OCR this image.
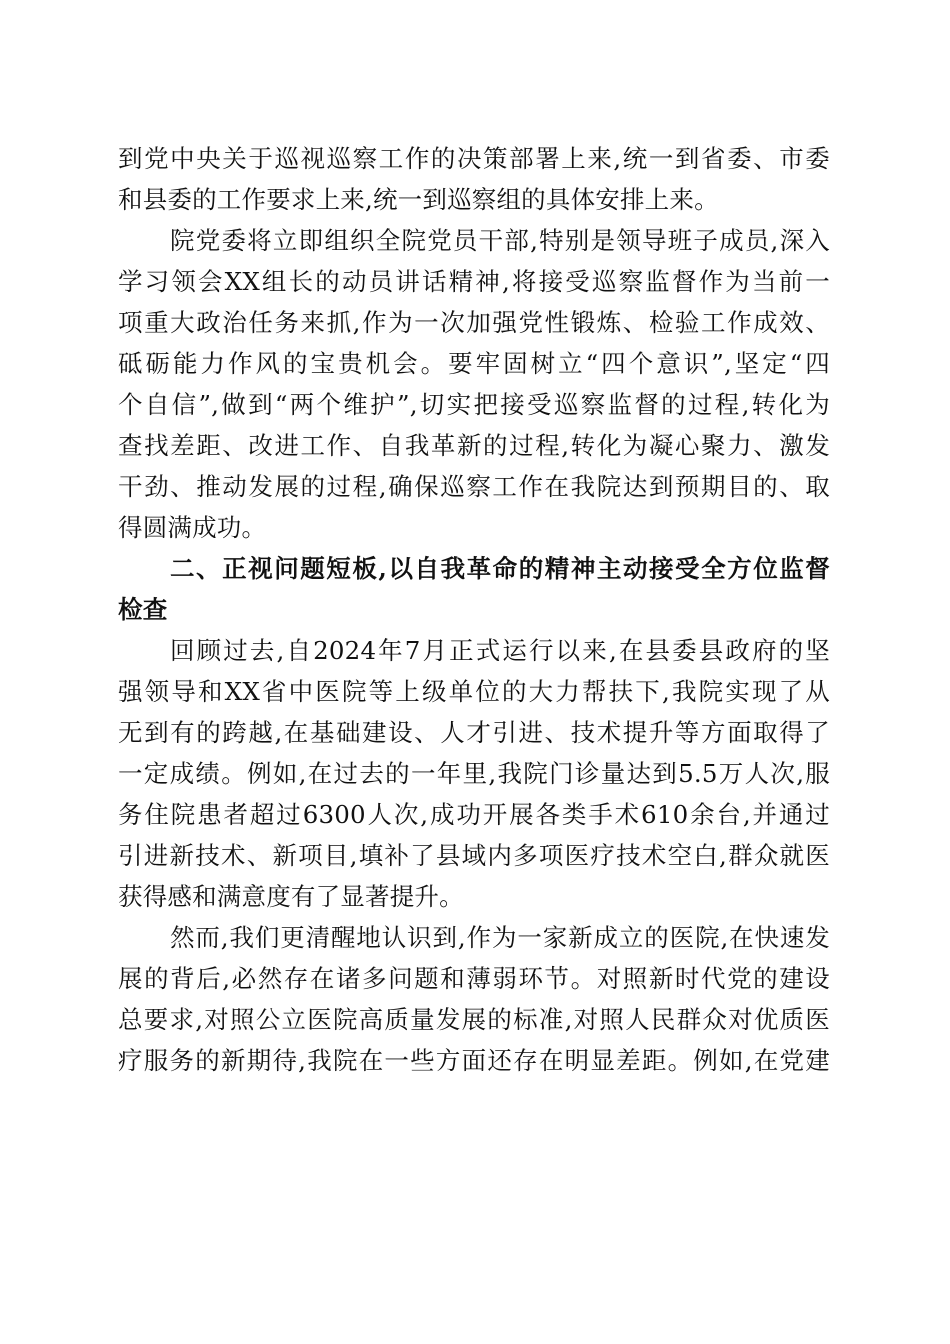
到党中央关于巡视巡察工作的决策部署上来,统一到省委、市委
和县委的工作要求上来,统一到巡察组的具体安排上来。
院党委将立即组织全院党员干部,特别是领导班子成员,深入
学习领会XX组长的动员讲话精神,将接受巡察监督作为当前一
项重大政治任务来抓,作为一次加强党性锻炼、检验工作成效、
砥砺能力作风的宝贵机会。要牢固树立“四个意识”,坚定“四
个自信”,做到“两个维护”,切实把接受巡察监督的过程,转化为
查找差距、改进工作、自我革新的过程,转化为凝心聚力、激发
干劲、推动发展的过程,确保巡察工作在我院达到预期目的、取
得圆满成功。
二、正视问题短板,以自我革命的精神主动接受全方位监督
检查
回顾过去,自2024年7月正式运行以来,在县委县政府的坚
强领导和XX省中医院等上级单位的大力帮扶下,我院实现了从
无到有的跨越,在基础建设、人才引进、技术提升等方面取得了
一定成绩。例如,在过去的一年里,我院门诊量达到5.5万人次,服
务住院患者超过6300人次,成功开展各类手术610余台,并通过
引进新技术、新项目,填补了县域内多项医疗技术空白,群众就医
获得感和满意度有了显著提升。
然而,我们更清醒地认识到,作为一家新成立的医院,在快速发
展的背后,必然存在诸多问题和薄弱环节。对照新时代党的建设
总要求,对照公立医院高质量发展的标准,对照人民群众对优质医
疗服务的新期待,我院在一些方面还存在明显差距。例如,在党建
